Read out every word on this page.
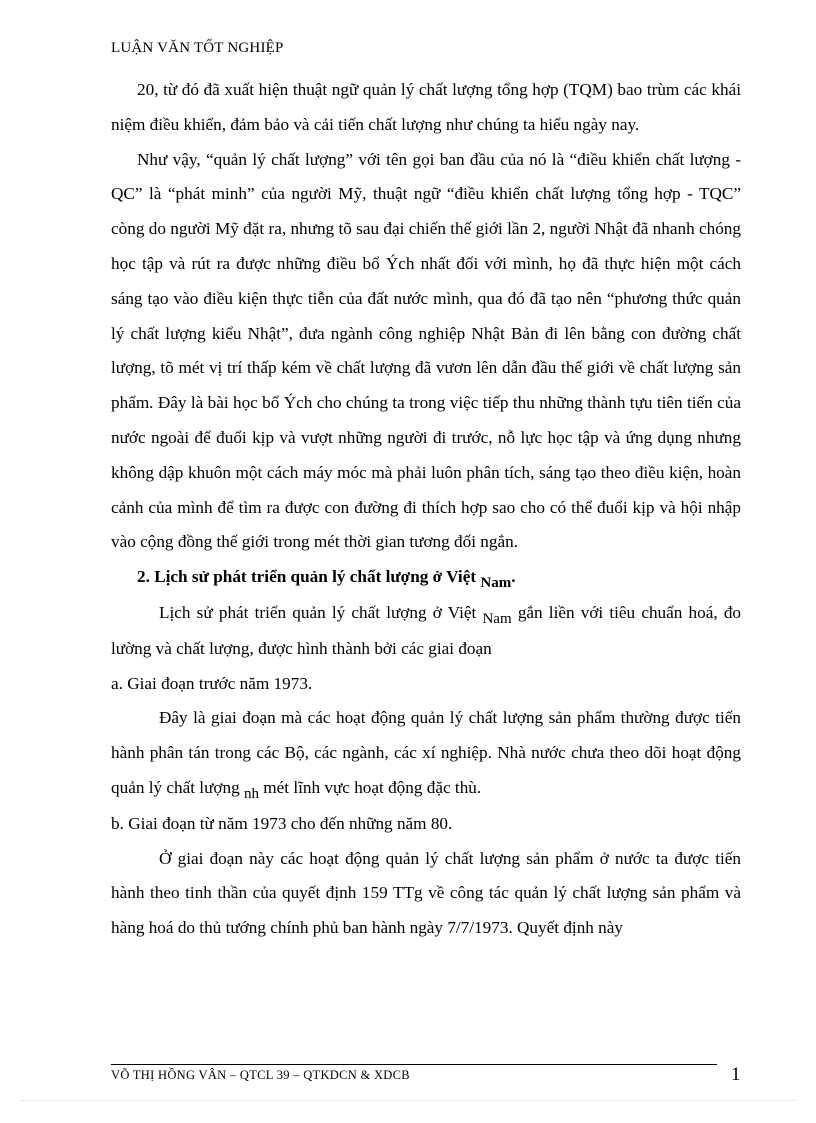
LUẬN VĂN TỐT NGHIỆP

20, từ đó đã xuất hiện thuật ngữ quản lý chất lượng tổng hợp (TQM) bao trùm các khái niệm điều khiển, đảm bảo và cải tiến chất lượng như chúng ta hiểu ngày nay.

Như vậy, “quản lý chất lượng” với tên gọi ban đầu của nó là “điều khiển chất lượng - QC” là “phát minh” của người Mỹ, thuật ngữ “điều khiển chất lượng tổng hợp - TQC” còng do người Mỹ đặt ra, nhưng tõ sau đại chiến thế giới lần 2, người Nhật đã nhanh chóng học tập và rút ra được những điều bổ Ých nhất đối với mình, họ đã thực hiện một cách sáng tạo vào điều kiện thực tiễn của đất nước mình, qua đó đã tạo nên “phương thức quản lý chất lượng kiểu Nhật”, đưa ngành công nghiệp Nhật Bản đi lên bằng con đường chất lượng, tõ mét vị trí thấp kém về chất lượng đã vươn lên dẫn đầu thế giới về chất lượng sản phẩm. Đây là bài học bổ Ých cho chúng ta trong việc tiếp thu những thành tựu tiên tiến của nước ngoài để đuổi kịp và vượt những người đi trước, nỗ lực học tập và ứng dụng nhưng không dập khuôn một cách máy móc mà phải luôn phân tích, sáng tạo theo điều kiện, hoàn cảnh của mình để tìm ra được con đường đi thích hợp sao cho có thể đuổi kịp và hội nhập vào cộng đồng thế giới trong mét thời gian tương đối ngắn.

2. Lịch sử phát triển quản lý chất lượng ở Việt Nam.

Lịch sử phát triển quản lý chất lượng ở Việt Nam gắn liền với tiêu chuẩn hoá, đo lường và chất lượng, được hình thành bởi các giai đoạn

a. Giai đoạn trước năm 1973.

Đây là giai đoạn mà các hoạt động quản lý chất lượng sản phẩm thường được tiến hành phân tán trong các Bộ, các ngành, các xí nghiệp. Nhà nước chưa theo dõi hoạt động quản lý chất lượng nh mét lĩnh vực hoạt động đặc thù.

b. Giai đoạn từ năm 1973 cho đến những năm 80.

Ở giai đoạn này các hoạt động quản lý chất lượng sản phẩm ở nước ta được tiến hành theo tinh thần của quyết định 159 TTg về công tác quản lý chất lượng sản phẩm và hàng hoá do thủ tướng chính phủ ban hành ngày 7/7/1973. Quyết định này

VÕ THỊ HỒNG VÂN – QTCL 39 – QTKDCN & XDCB	1
